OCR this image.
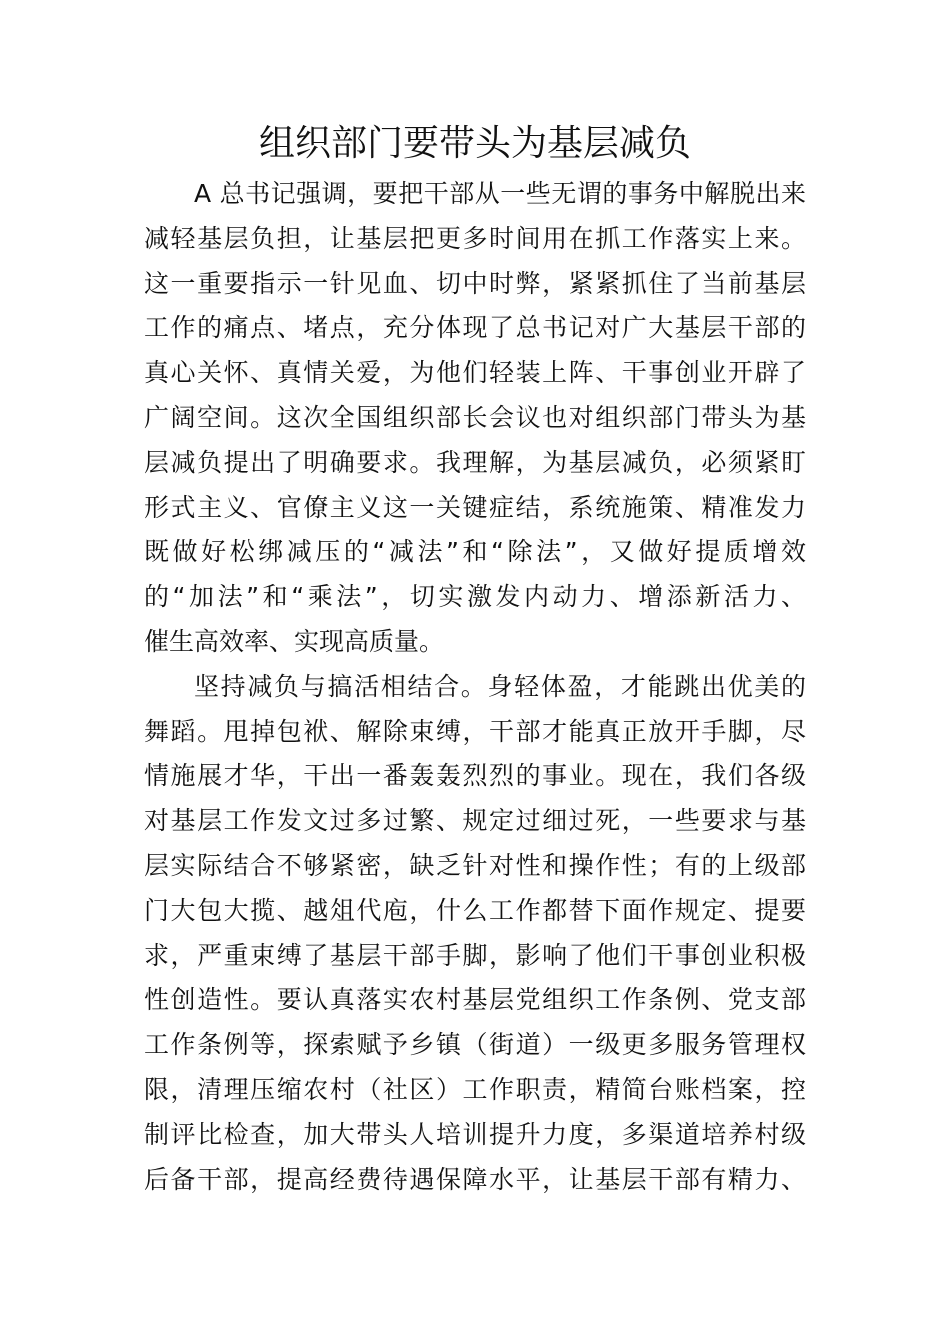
组织部门要带头为基层减负
A 总书记强调，要把干部从一些无谓的事务中解脱出来
减轻基层负担，让基层把更多时间用在抓工作落实上来。
这一重要指示一针见血、切中时弊，紧紧抓住了当前基层
工作的痛点、堵点，充分体现了总书记对广大基层干部的
真心关怀、真情关爱，为他们轻装上阵、干事创业开辟了
广阔空间。这次全国组织部长会议也对组织部门带头为基
层减负提出了明确要求。我理解，为基层减负，必须紧盯
形式主义、官僚主义这一关键症结，系统施策、精准发力
既做好松绑减压的“减法”和“除法”，又做好提质增效
的“加法”和“乘法”，切实激发内动力、增添新活力、
催生高效率、实现高质量。
坚持减负与搞活相结合。身轻体盈，才能跳出优美的
舞蹈。甩掉包袱、解除束缚，干部才能真正放开手脚，尽
情施展才华，干出一番轰轰烈烈的事业。现在，我们各级
对基层工作发文过多过繁、规定过细过死，一些要求与基
层实际结合不够紧密，缺乏针对性和操作性；有的上级部
门大包大揽、越俎代庖，什么工作都替下面作规定、提要
求，严重束缚了基层干部手脚，影响了他们干事创业积极
性创造性。要认真落实农村基层党组织工作条例、党支部
工作条例等，探索赋予乡镇（街道）一级更多服务管理权
限，清理压缩农村（社区）工作职责，精简台账档案，控
制评比检查，加大带头人培训提升力度，多渠道培养村级
后备干部，提高经费待遇保障水平，让基层干部有精力、
